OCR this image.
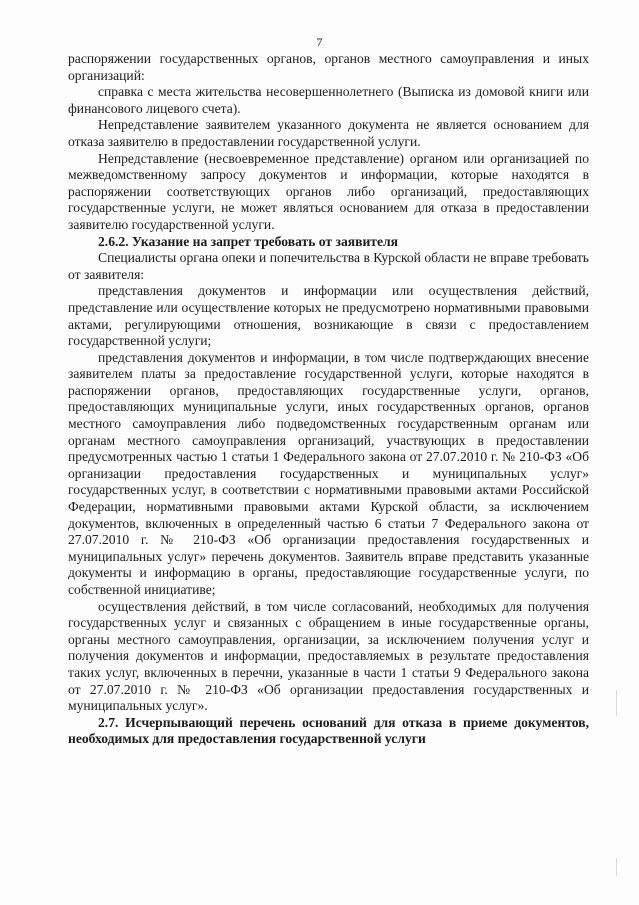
7

распоряжении государственных органов, органов местного самоуправления и иных организаций:

справка с места жительства несовершеннолетнего (Выписка из домовой книги или финансового лицевого счета).

Непредставление заявителем указанного документа не является основанием для отказа заявителю в предоставлении государственной услуги.

Непредставление (несвоевременное представление) органом или организацией по межведомственному запросу документов и информации, которые находятся в распоряжении соответствующих органов либо организаций, предоставляющих государственные услуги, не может являться основанием для отказа в предоставлении заявителю государственной услуги.

2.6.2. Указание на запрет требовать от заявителя

Специалисты органа опеки и попечительства в Курской области не вправе требовать от заявителя:

представления документов и информации или осуществления действий, представление или осуществление которых не предусмотрено нормативными правовыми актами, регулирующими отношения, возникающие в связи с предоставлением государственной услуги;

представления документов и информации, в том числе подтверждающих внесение заявителем платы за предоставление государственной услуги, которые находятся в распоряжении органов, предоставляющих государственные услуги, органов, предоставляющих муниципальные услуги, иных государственных органов, органов местного самоуправления либо подведомственных государственным органам или органам местного самоуправления организаций, участвующих в предоставлении предусмотренных частью 1 статьи 1 Федерального закона от 27.07.2010 г. № 210-ФЗ «Об организации предоставления государственных и муниципальных услуг» государственных услуг, в соответствии с нормативными правовыми актами Российской Федерации, нормативными правовыми актами Курской области, за исключением документов, включенных в определенный частью 6 статьи 7 Федерального закона от 27.07.2010 г. № 210-ФЗ «Об организации предоставления государственных и муниципальных услуг» перечень документов. Заявитель вправе представить указанные документы и информацию в органы, предоставляющие государственные услуги, по собственной инициативе;

осуществления действий, в том числе согласований, необходимых для получения государственных услуг и связанных с обращением в иные государственные органы, органы местного самоуправления, организации, за исключением получения услуг и получения документов и информации, предоставляемых в результате предоставления таких услуг, включенных в перечни, указанные в части 1 статьи 9 Федерального закона от 27.07.2010 г. № 210-ФЗ «Об организации предоставления государственных и муниципальных услуг».

2.7. Исчерпывающий перечень оснований для отказа в приеме документов, необходимых для предоставления государственной услуги
